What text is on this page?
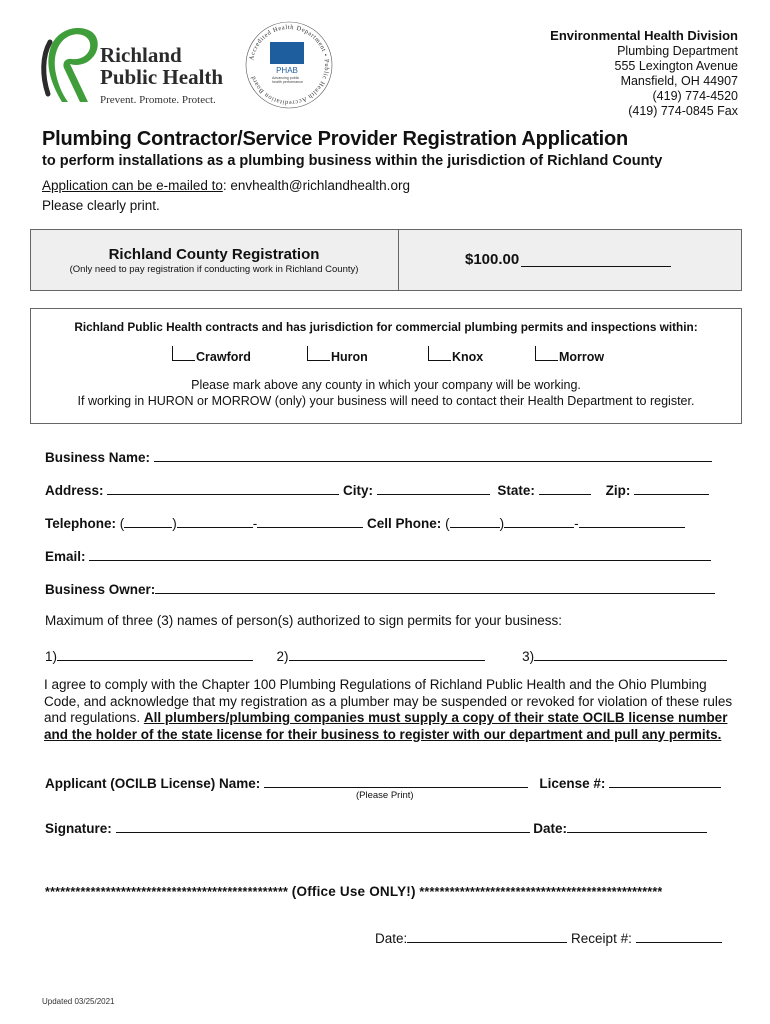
Richland
Public Health
Prevent. Promote. Protect.
Accredited Health Department • Public Health Accreditation Board
PHAB
Advancing public health performance
Environmental Health Division
Plumbing Department
555 Lexington Avenue
Mansfield, OH 44907
(419) 774-4520
(419) 774-0845 Fax
Plumbing Contractor/Service Provider Registration Application
to perform installations as a plumbing business within the jurisdiction of Richland County
Application can be e-mailed to: envhealth@richlandhealth.org
Please clearly print.
Richland County Registration
(Only need to pay registration if conducting work in Richland County)
$100.00
Richland Public Health contracts and has jurisdiction for commercial plumbing permits and inspections within:
Crawford	Huron	Knox	Morrow
Please mark above any county in which your company will be working.
If working in HURON or MORROW (only) your business will need to contact their Health Department to register.
Business Name:
Address:	City:	State:	Zip:
Telephone: (	)	-	Cell Phone: (	)	-
Email:
Business Owner:
Maximum of three (3) names of person(s) authorized to sign permits for your business:
1)	2)	3)
I agree to comply with the Chapter 100 Plumbing Regulations of Richland Public Health and the Ohio Plumbing Code, and acknowledge that my registration as a plumber may be suspended or revoked for violation of these rules and regulations. All plumbers/plumbing companies must supply a copy of their state OCILB license number and the holder of the state license for their business to register with our department and pull any permits.
Applicant (OCILB License) Name:	License #:
(Please Print)
Signature:	Date:
************************************************ (Office Use ONLY!) ************************************************
Date:	Receipt #:
Updated 03/25/2021
